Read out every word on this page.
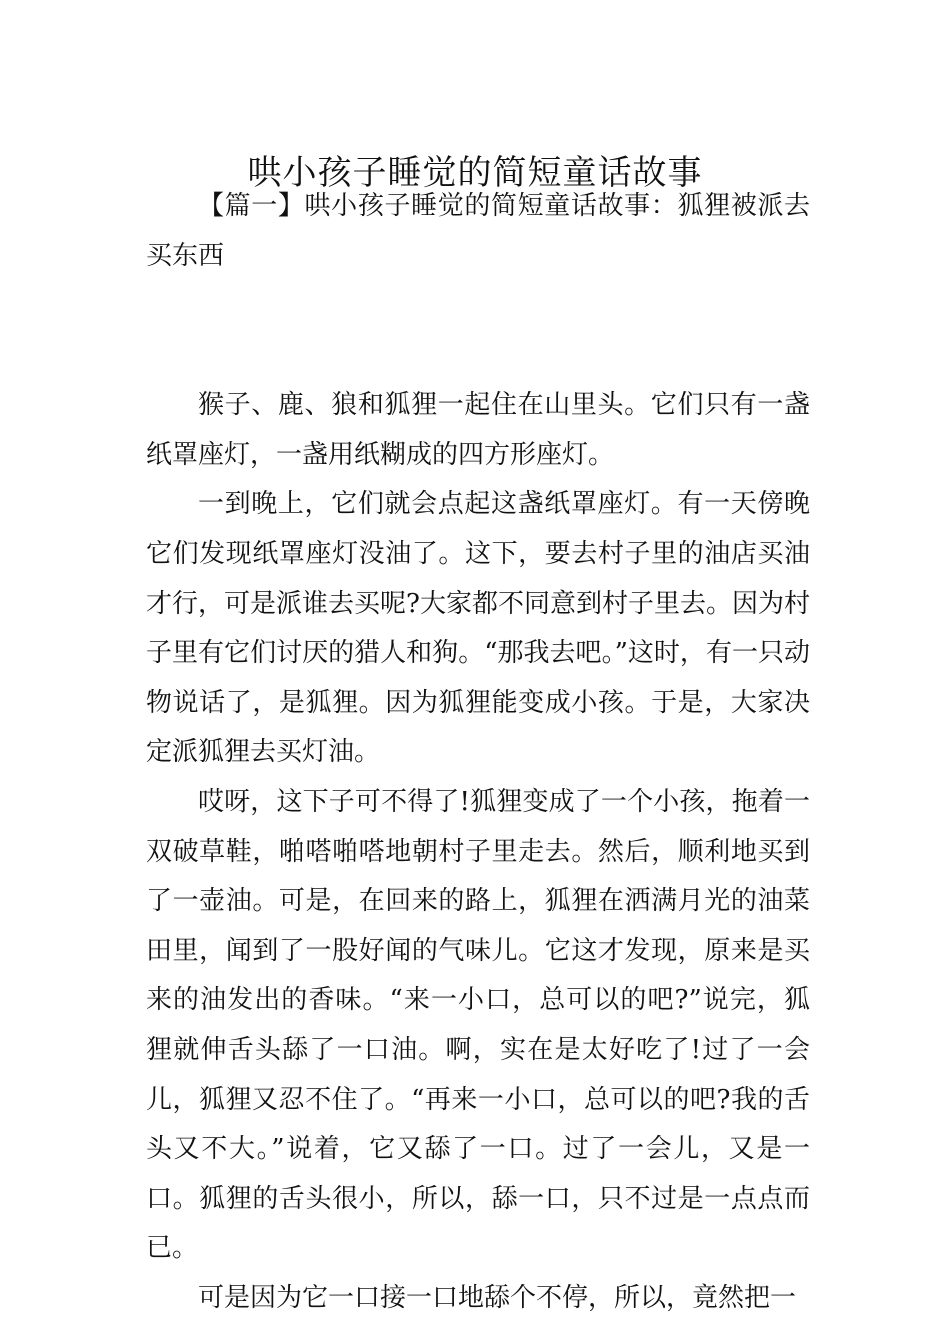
哄小孩子睡觉的简短童话故事

【篇一】哄小孩子睡觉的简短童话故事：狐狸被派去买东西

猴子、鹿、狼和狐狸一起住在山里头。它们只有一盏纸罩座灯，一盏用纸糊成的四方形座灯。

一到晚上，它们就会点起这盏纸罩座灯。有一天傍晚它们发现纸罩座灯没油了。这下，要去村子里的油店买油才行，可是派谁去买呢?大家都不同意到村子里去。因为村子里有它们讨厌的猎人和狗。“那我去吧。”这时，有一只动物说话了，是狐狸。因为狐狸能变成小孩。于是，大家决定派狐狸去买灯油。

哎呀，这下子可不得了!狐狸变成了一个小孩，拖着一双破草鞋，啪嗒啪嗒地朝村子里走去。然后，顺利地买到了一壶油。可是，在回来的路上，狐狸在洒满月光的油菜田里，闻到了一股好闻的气味儿。它这才发现，原来是买来的油发出的香味。“来一小口，总可以的吧?”说完，狐狸就伸舌头舔了一口油。啊，实在是太好吃了!过了一会儿，狐狸又忍不住了。“再来一小口，总可以的吧?我的舌头又不大。”说着，它又舔了一口。过了一会儿，又是一口。狐狸的舌头很小，所以，舔一口，只不过是一点点而已。

可是因为它一口接一口地舔个不停，所以，竟然把一
